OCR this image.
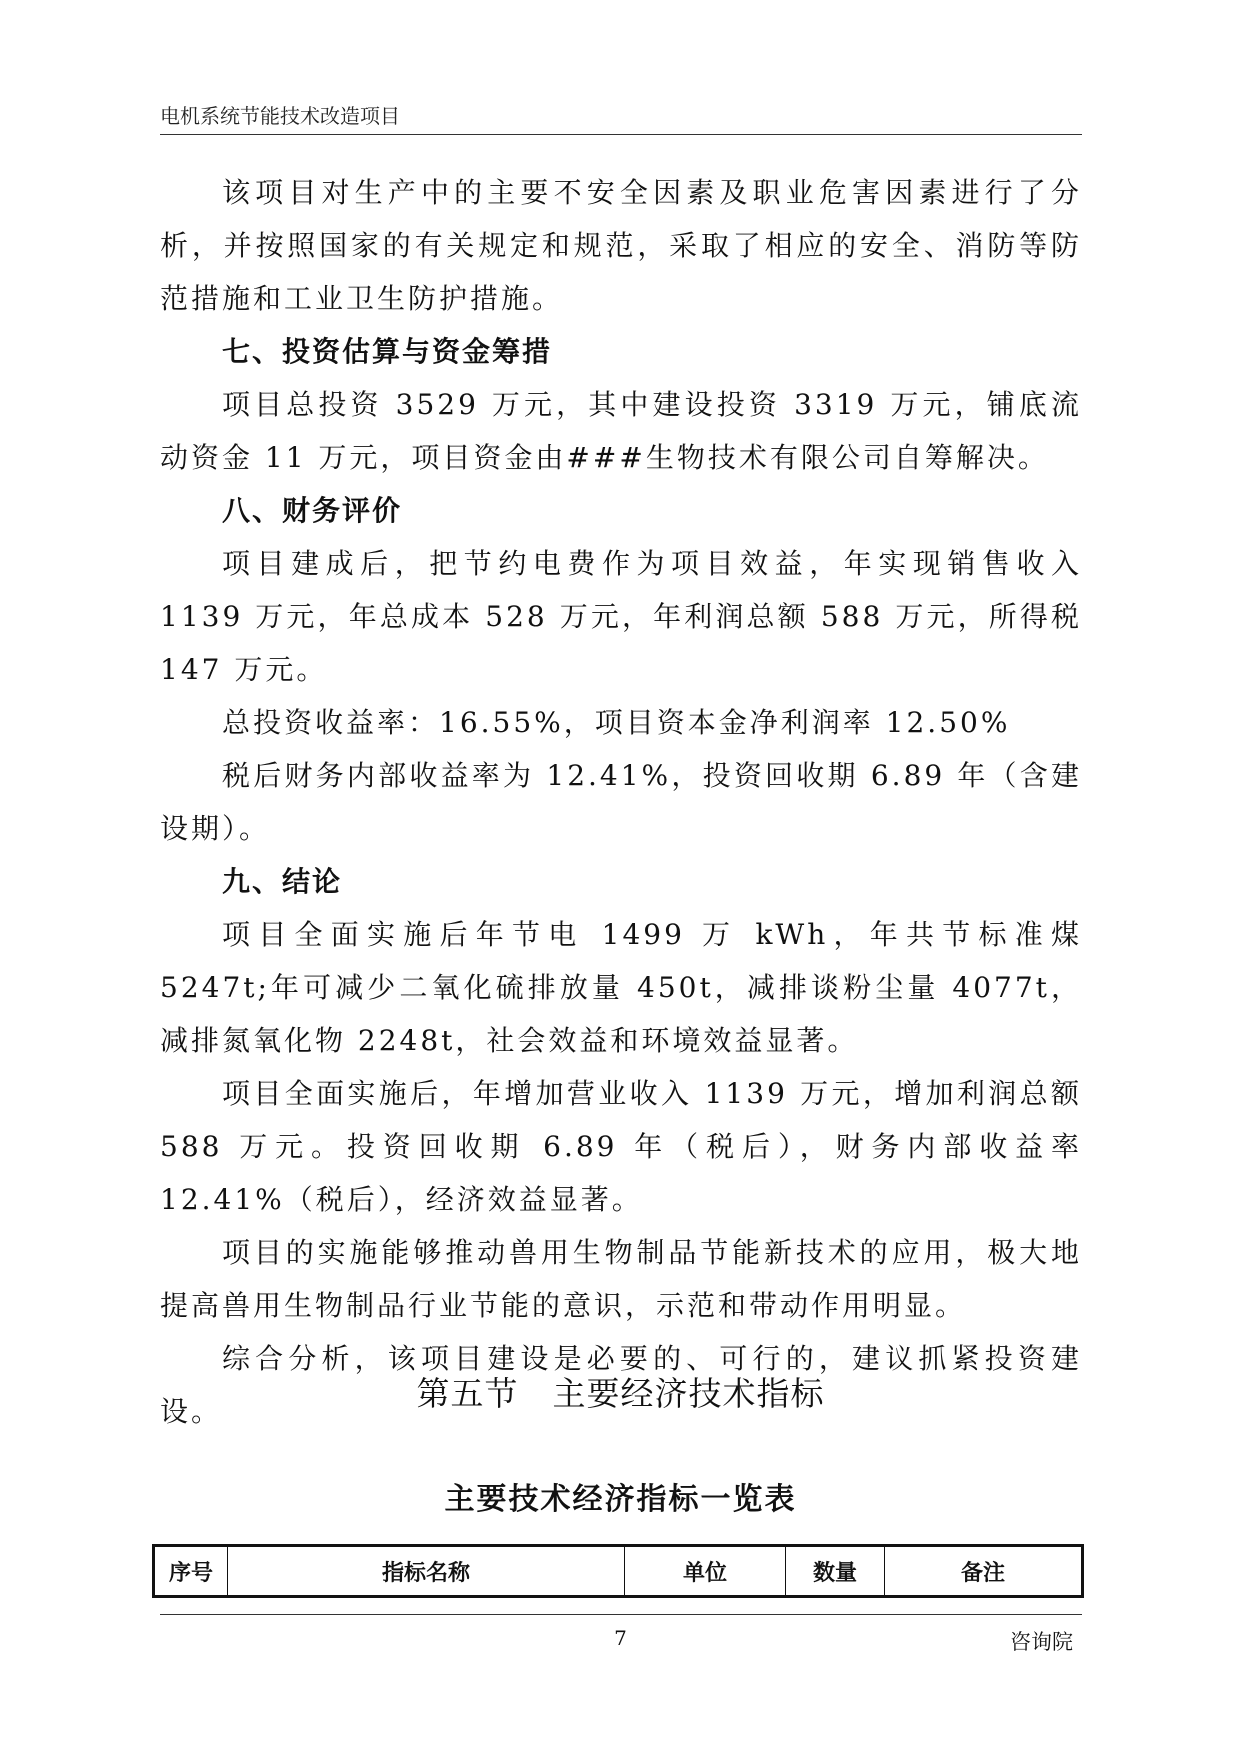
电机系统节能技术改造项目

该项目对生产中的主要不安全因素及职业危害因素进行了分析，并按照国家的有关规定和规范，采取了相应的安全、消防等防范措施和工业卫生防护措施。

七、投资估算与资金筹措

项目总投资 3529 万元，其中建设投资 3319 万元，铺底流动资金 11 万元，项目资金由###生物技术有限公司自筹解决。

八、财务评价

项目建成后，把节约电费作为项目效益，年实现销售收入 1139 万元，年总成本 528 万元，年利润总额 588 万元，所得税 147 万元。

总投资收益率：16.55%，项目资本金净利润率 12.50%

税后财务内部收益率为 12.41%，投资回收期 6.89 年（含建设期）。

九、结论

项目全面实施后年节电 1499 万 kWh，年共节标准煤 5247t;年可减少二氧化硫排放量 450t，减排谈粉尘量 4077t，减排氮氧化物 2248t，社会效益和环境效益显著。

项目全面实施后，年增加营业收入 1139 万元，增加利润总额 588 万元。投资回收期 6.89 年（税后），财务内部收益率 12.41%（税后），经济效益显著。

项目的实施能够推动兽用生物制品节能新技术的应用，极大地提高兽用生物制品行业节能的意识，示范和带动作用明显。

综合分析，该项目建设是必要的、可行的，建议抓紧投资建设。	第五节　主要经济技术指标
主要技术经济指标一览表
序号	指标名称	单位	数量	备注
7	咨询院
